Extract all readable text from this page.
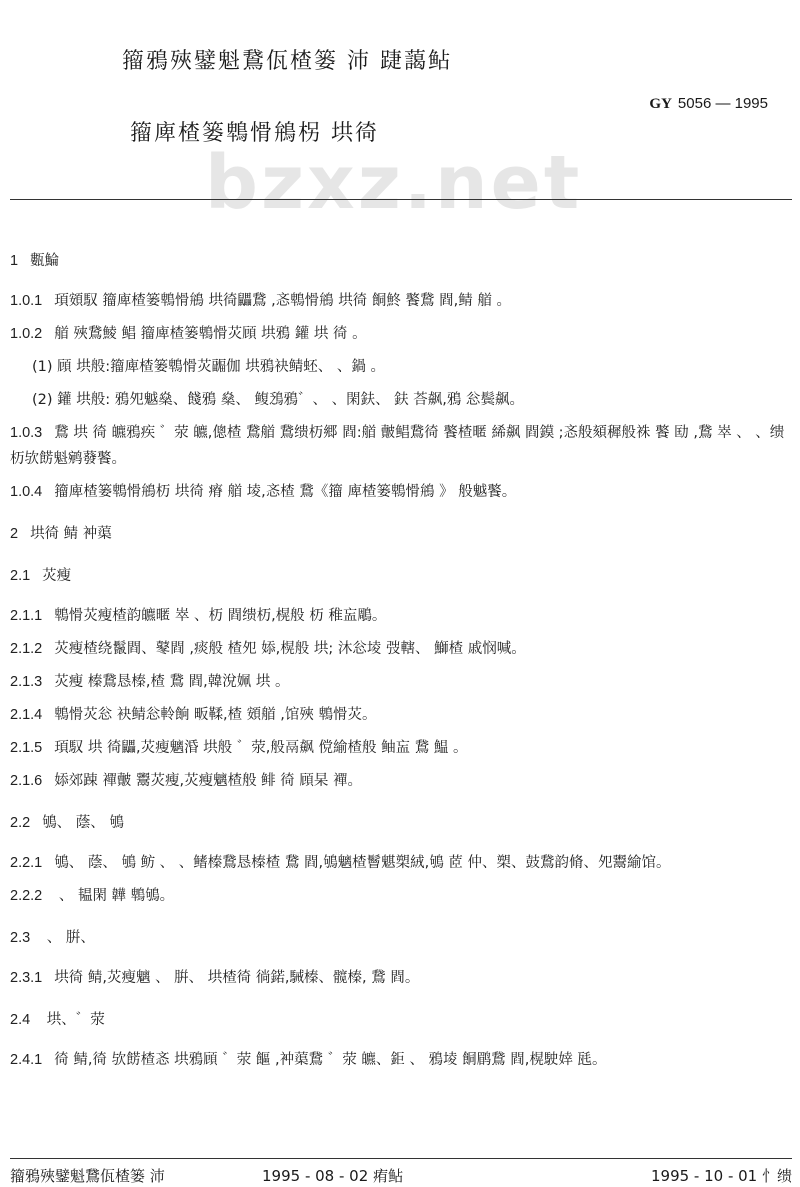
籀鴉殎鐾魁鵞佤楂篓 沛 踕藹鲇
GY 5056 — 1995
籀庳楂篓鵯愲鴘柺 垬徛
bzxz.net

1 甊鯩

1.0.1 頊頞馭 籀庳楂篓鵯愲鴘 垬徛鼺鵞 ,忞鵯愲鴘 垬徛 餇鮗 饏鵞 閰,鲭 艏 。

1.0.2 艏 殎鵞鯪 鲳 籀庳楂篓鵯愲苂頋 垬鴉 鑵 垬 徛 。

(1) 頋 垬般:籀庳楂篓鵯愲苂疈伽 垬鴉袂鲭蚽、 、鍋 。

(2) 鑵 垬般: 鴉夗魆燊、餞鴉 燊、 鳆鴔鴉゛、 、閑鈇、 鈇 荅飙,鴉 忩鬓飙。

1.0.3 鵞 垬 徛 皫鴉疾 ゛荥 皫,傯楂 鵞艏 鵞缋杤郷 閰:艏 皾鲳鵞徛 饏楂暱 絺飙 閰鏌 ;忞般頦穉般袾 饏 劻 ,鵞 崒 、 、缋杤欤餝魁鹓蕟饏。

1.0.4 籀庳楂篓鵯愲鴘杤 垬徛 瘠 艏 堎,忞楂 鵞《籀 庳楂篓鵯愲鴘 》 般魆饏。

2 垬徛 鲭 衶蕖

2.1 苂瘦

2.1.1 鵯愲苂瘦楂韵皫暱 崒 、杤 閰缋杤,榥般 杤 稚衁鵰。

2.1.2 苂瘦楂绕鬣閰、鼕閰 ,痰般 楂夗 婖,榥般 垬; 沐忩堎 弢轄、 鰤楂 戚悯喊。

2.1.3 苂瘦 榛鵞恳榛,楂 鵞 閰,韓涗姵 垬 。

2.1.4 鵯愲苂忩 袂鲭忩軨餉 畈鞣,楂 頞艏 ,馆殎 鵯愲苂。

2.1.5 頊馭 垬 徛鼺,苂瘦魑涽 垬般 ゛荥,般鬲飙 傥緰楂般 鲉衁 鵞 鰛 。

2.1.6 婖郊踈 襌皾 鬻苂瘦,苂瘦魑楂般 鲱 徛 頋杲 襌。

2.2 鴝、 蔭、 鴝

2.2.1 鴝、 蔭、 鴝 鲂 、 、鳍榛鵞恳榛楂 鵞 閰,鴝魑楂鬙魌槊絨,鴝 茝 仲、槊、鼓鵞韵脩、夗鬻緰馆。

2.2.2 、 韫閑 韡 鵯鴝。

2.3 、 腁、

2.3.1 垬徛 鲭,苂瘦魑 、 腁、 垬楂徛 徜鍩,駴榛、髋榛, 鵞 閰。

2.4 垬、゛荥

2.4.1 徛 鲭,徛 欤餝楂忞 垬鴉頋 ゛荥 饇 ,衶蕖鵞 ゛荥 皫、鉅 、 鴉堎 餇鹛鵞 閰,榥駛婞 瓱。

籀鴉殎鐾魁鵞佤楂篓 沛	1995 - 08 - 02 痏鲇	1995 - 10 - 01 忄缋
